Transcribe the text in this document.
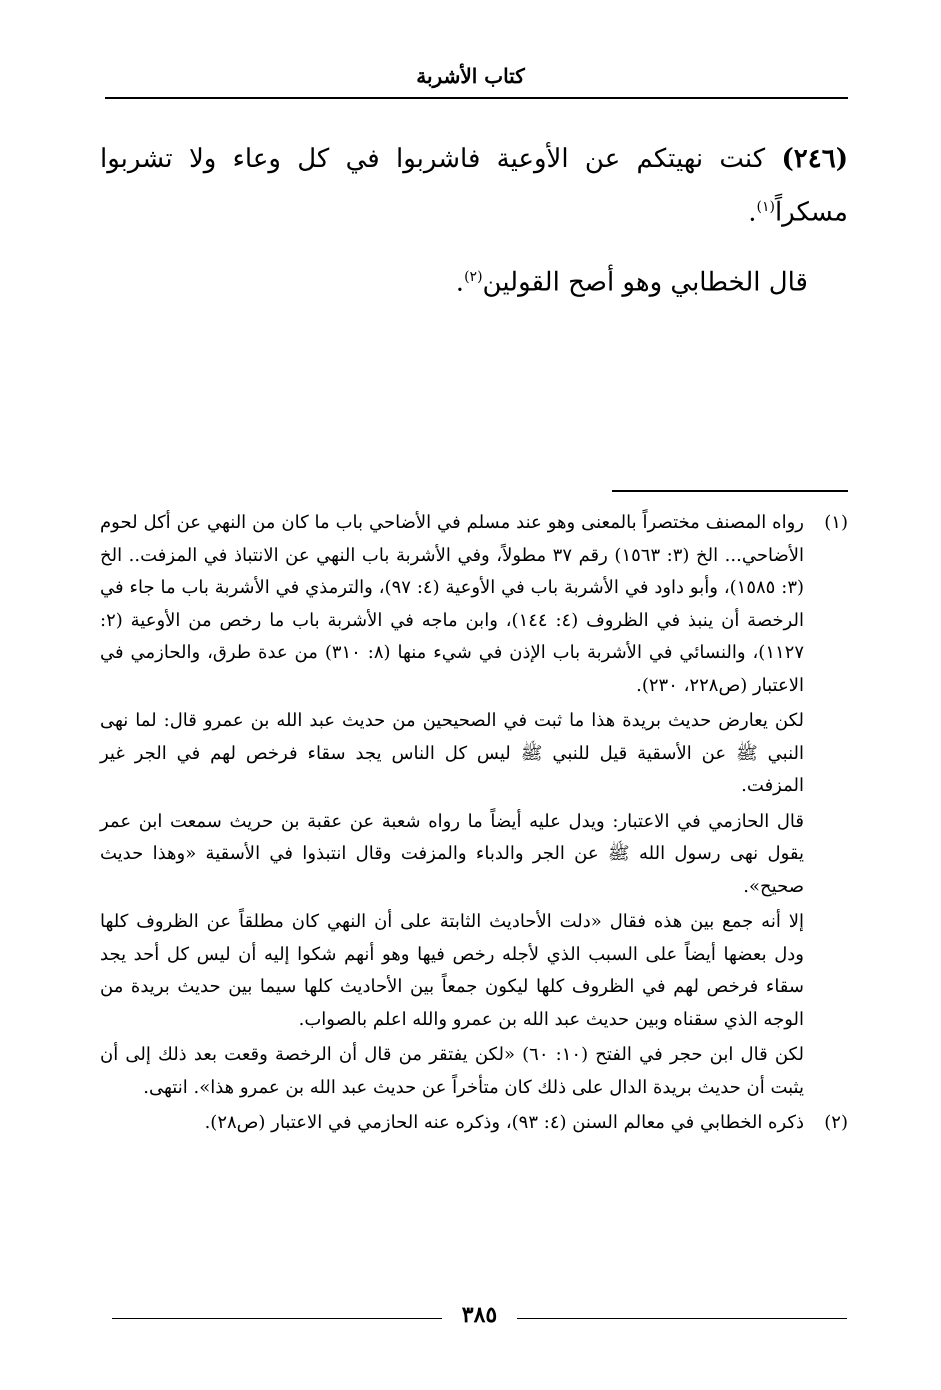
كتاب الأشربة

(٢٤٦) كنت نهيتكم عن الأوعية فاشربوا في كل وعاء ولا تشربوا مسكراً$^{(١)}$.

قال الخطابي وهو أصح القولين$^{(٢)}$.

(١)

رواه المصنف مختصراً بالمعنى وهو عند مسلم في الأضاحي باب ما كان من النهي عن أكل لحوم الأضاحي... الخ (٣: ١٥٦٣) رقم ٣٧ مطولاً، وفي الأشربة باب النهي عن الانتباذ في المزفت.. الخ (٣: ١٥٨٥)، وأبو داود في الأشربة باب في الأوعية (٤: ٩٧)، والترمذي في الأشربة باب ما جاء في الرخصة أن ينبذ في الظروف (٤: ١٤٤)، وابن ماجه في الأشربة باب ما رخص من الأوعية (٢: ١١٢٧)، والنسائي في الأشربة باب الإذن في شيء منها (٨: ٣١٠) من عدة طرق، والحازمي في الاعتبار (ص٢٢٨، ٢٣٠).

لكن يعارض حديث بريدة هذا ما ثبت في الصحيحين من حديث عبد الله بن عمرو قال: لما نهى النبي ﷺ عن الأسقية قيل للنبي ﷺ ليس كل الناس يجد سقاء فرخص لهم في الجر غير المزفت.

قال الحازمي في الاعتبار: ويدل عليه أيضاً ما رواه شعبة عن عقبة بن حريث سمعت ابن عمر يقول نهى رسول الله ﷺ عن الجر والدباء والمزفت وقال انتبذوا في الأسقية «وهذا حديث صحيح».

إلا أنه جمع بين هذه فقال «دلت الأحاديث الثابتة على أن النهي كان مطلقاً عن الظروف كلها ودل بعضها أيضاً على السبب الذي لأجله رخص فيها وهو أنهم شكوا إليه أن ليس كل أحد يجد سقاء فرخص لهم في الظروف كلها ليكون جمعاً بين الأحاديث كلها سيما بين حديث بريدة من الوجه الذي سقناه وبين حديث عبد الله بن عمرو والله اعلم بالصواب.

لكن قال ابن حجر في الفتح (١٠: ٦٠) «لكن يفتقر من قال أن الرخصة وقعت بعد ذلك إلى أن يثبت أن حديث بريدة الدال على ذلك كان متأخراً عن حديث عبد الله بن عمرو هذا». انتهى.

(٢)

ذكره الخطابي في معالم السنن (٤: ٩٣)، وذكره عنه الحازمي في الاعتبار (ص٢٨).

٣٨٥
